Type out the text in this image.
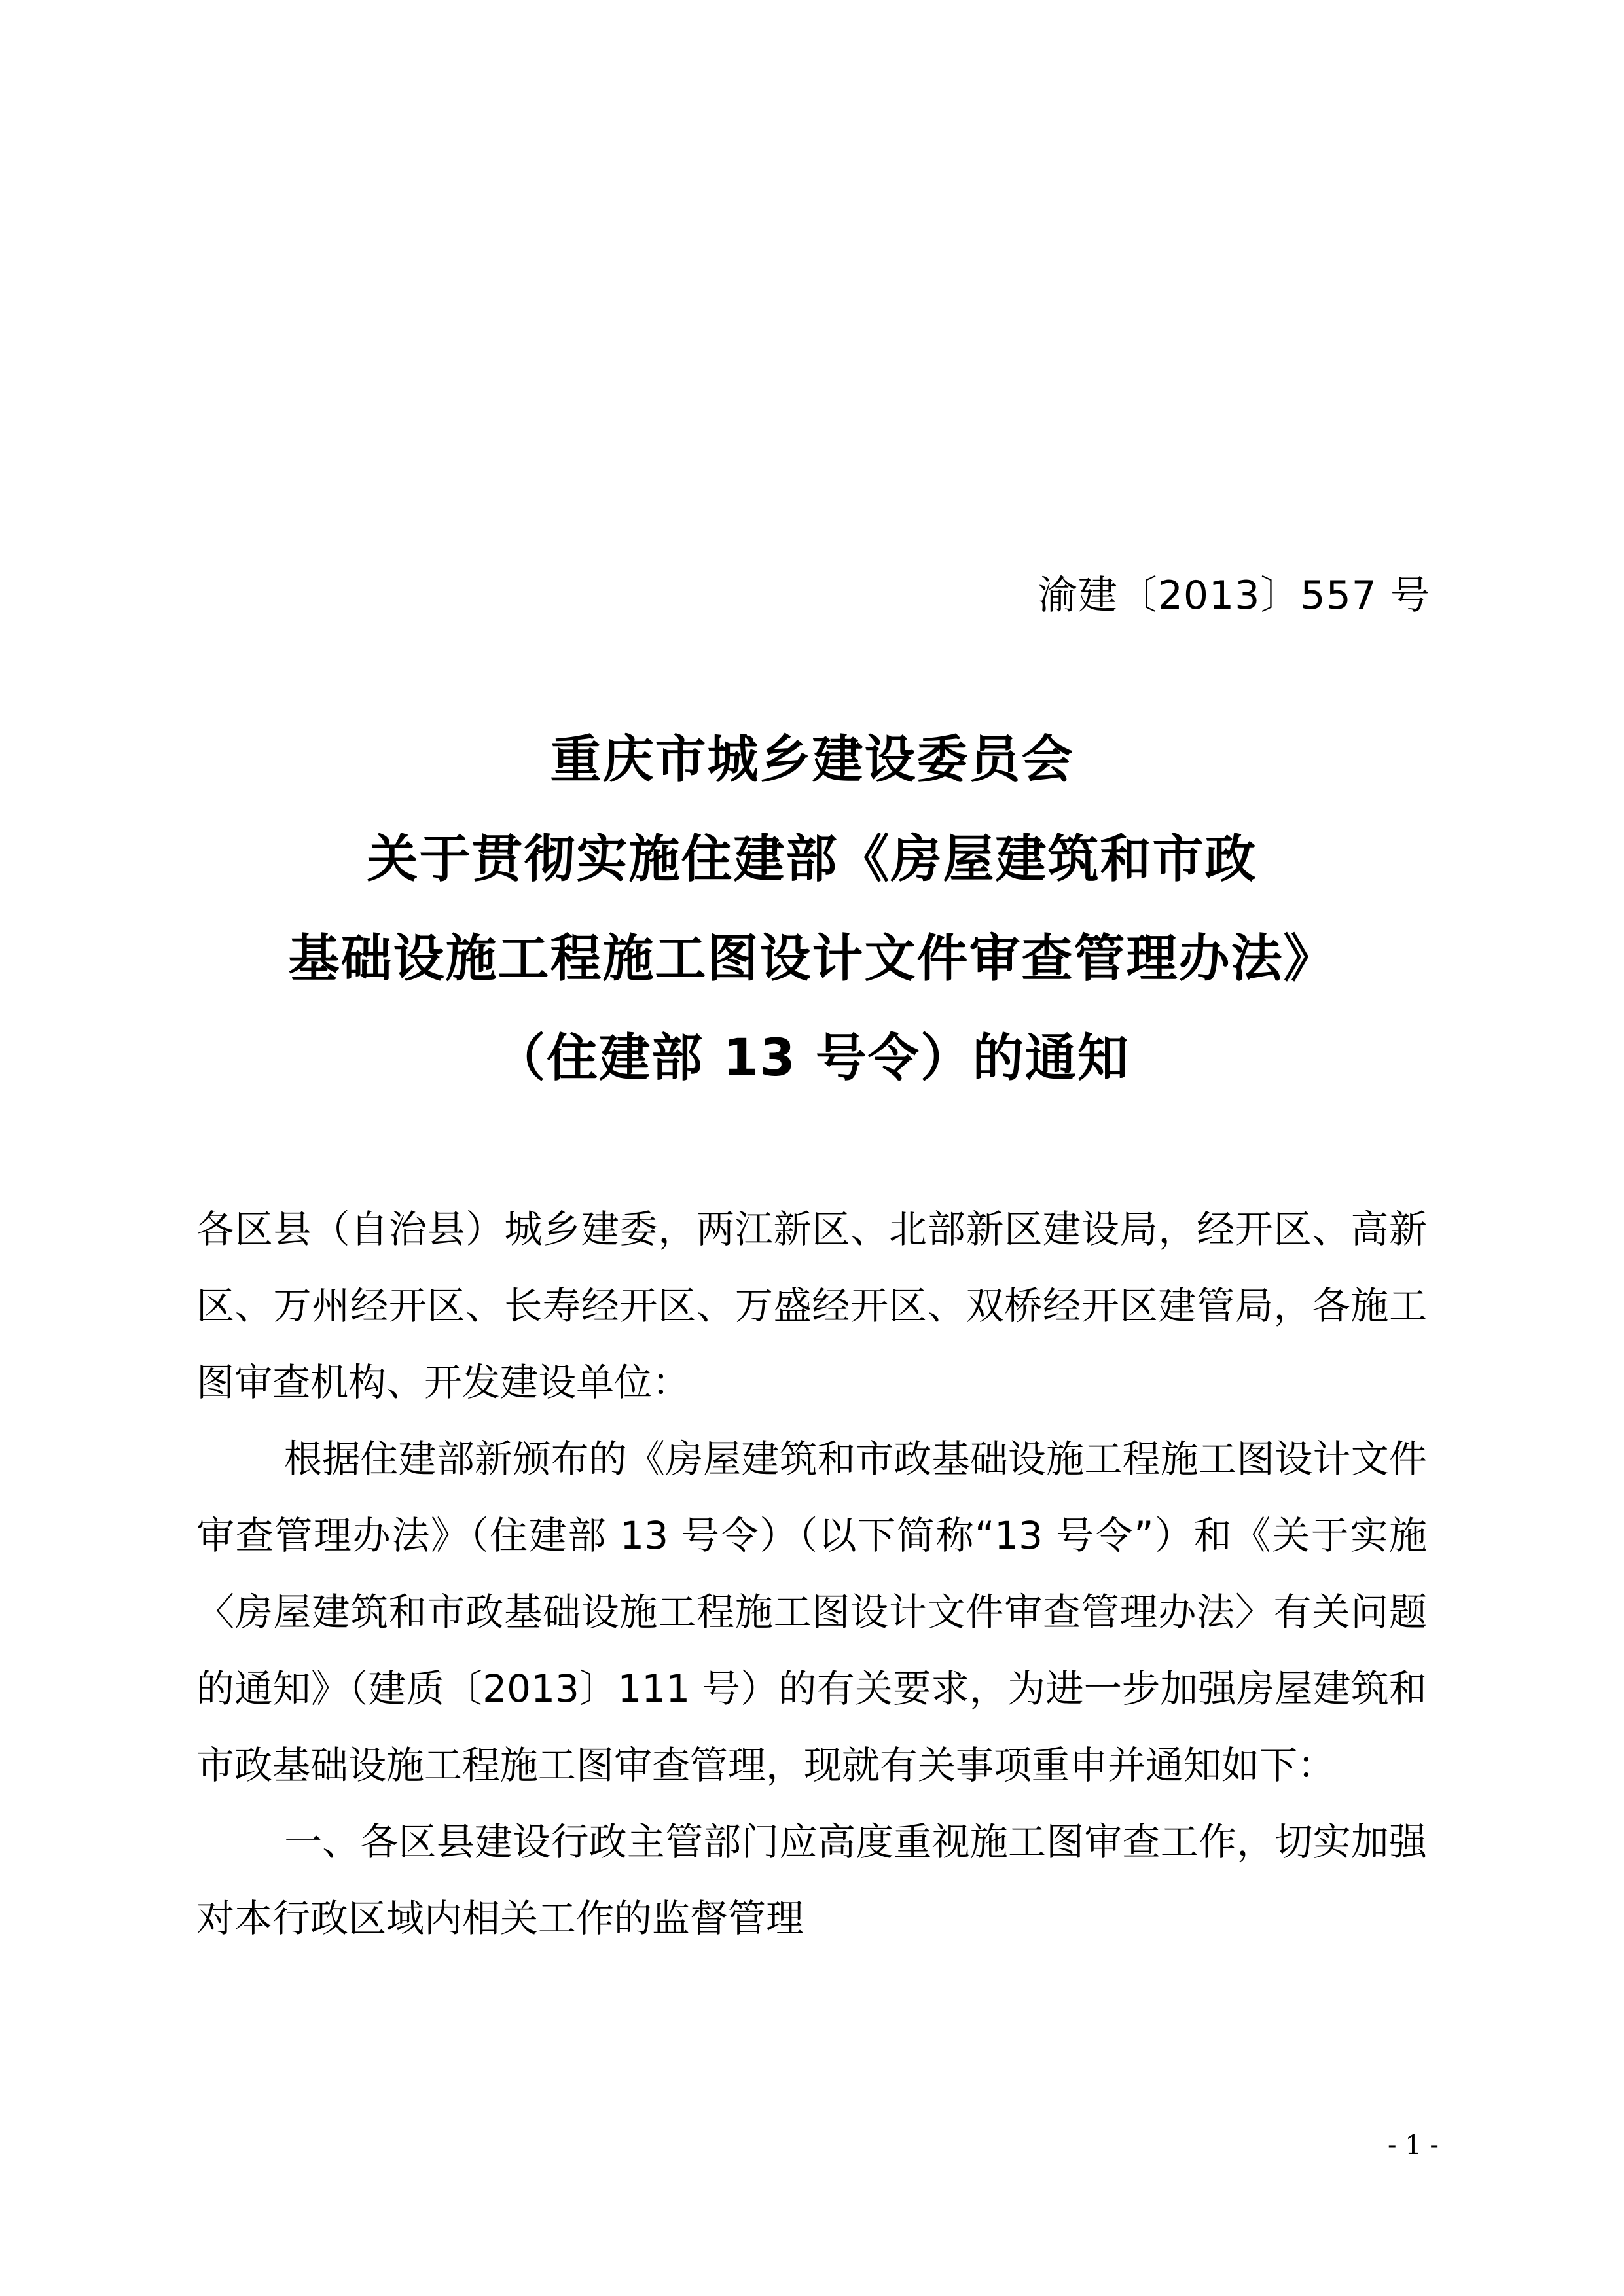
渝建〔2013〕557 号
重庆市城乡建设委员会
关于贯彻实施住建部《房屋建筑和市政
基础设施工程施工图设计文件审查管理办法》
（住建部 13 号令）的通知

各区县（自治县）城乡建委，两江新区、北部新区建设局，经开区、高新区、万州经开区、长寿经开区、万盛经开区、双桥经开区建管局，各施工图审查机构、开发建设单位：

根据住建部新颁布的《房屋建筑和市政基础设施工程施工图设计文件审查管理办法》（住建部 13 号令）（以下简称“13 号令”）和《关于实施〈房屋建筑和市政基础设施工程施工图设计文件审查管理办法〉有关问题的通知》（建质〔2013〕111 号）的有关要求，为进一步加强房屋建筑和市政基础设施工程施工图审查管理，现就有关事项重申并通知如下：

一、各区县建设行政主管部门应高度重视施工图审查工作，切实加强对本行政区域内相关工作的监督管理

- 1 -
